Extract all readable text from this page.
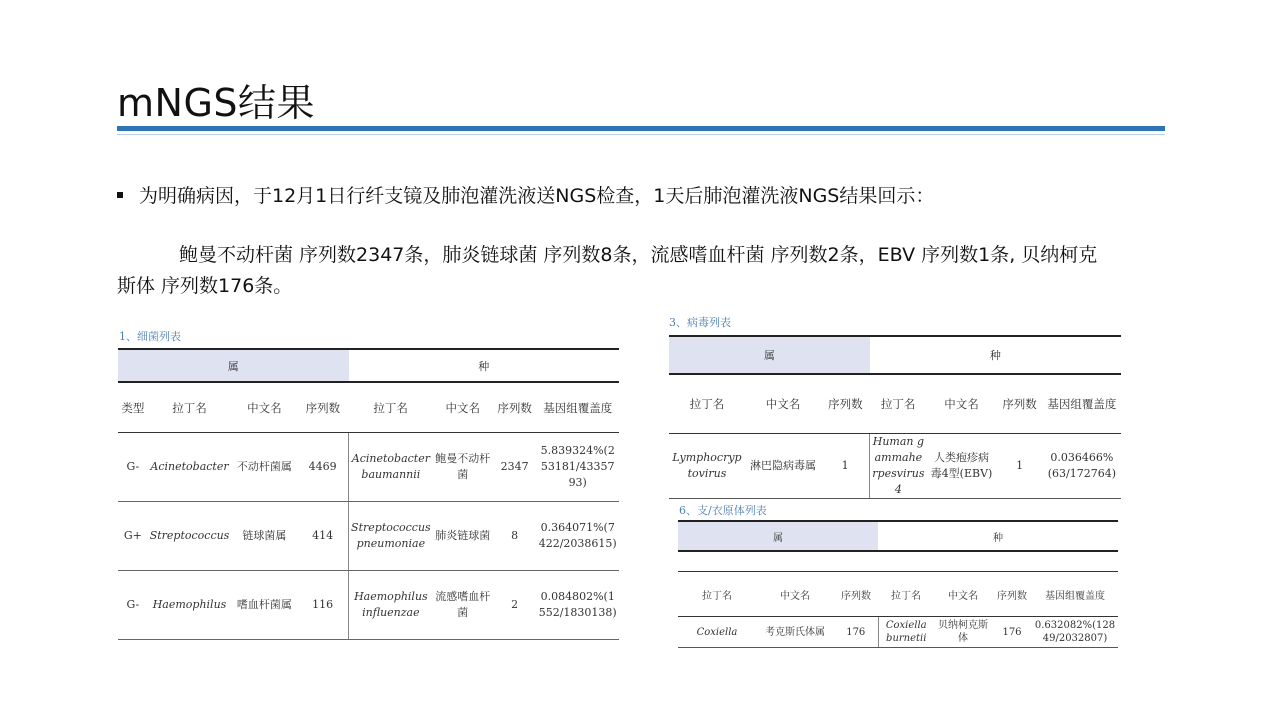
mNGS结果
为明确病因，于12月1日行纤支镜及肺泡灌洗液送NGS检查，1天后肺泡灌洗液NGS结果回示：
鲍曼不动杆菌 序列数2347条，肺炎链球菌 序列数8条，流感嗜血杆菌 序列数2条，EBV 序列数1条, 贝纳柯克斯体 序列数176条。
1、细菌列表
属				种			
类型	拉丁名	中文名	序列数	拉丁名	中文名	序列数	基因组覆盖度
G-	Acinetobacter	不动杆菌属	4469	Acinetobacter baumannii	鲍曼不动杆菌	2347	5.839324%(253181/4335793)
G+	Streptococcus	链球菌属	414	Streptococcus pneumoniae	肺炎链球菌	8	0.364071%(7422/2038615)
G-	Haemophilus	嗜血杆菌属	116	Haemophilus influenzae	流感嗜血杆菌	2	0.084802%(1552/1830138)
3、病毒列表
属			种			
拉丁名	中文名	序列数	拉丁名	中文名	序列数	基因组覆盖度
Lymphocryptovirus	淋巴隐病毒属	1	Human gammaherpesvirus 4	人类疱疹病毒4型(EBV)	1	0.036466%(63/172764)
6、支/衣原体列表
属			种			

拉丁名	中文名	序列数	拉丁名	中文名	序列数	基因组覆盖度
Coxiella	考克斯氏体属	176	Coxiella burnetii	贝纳柯克斯体	176	0.632082%(12849/2032807)
